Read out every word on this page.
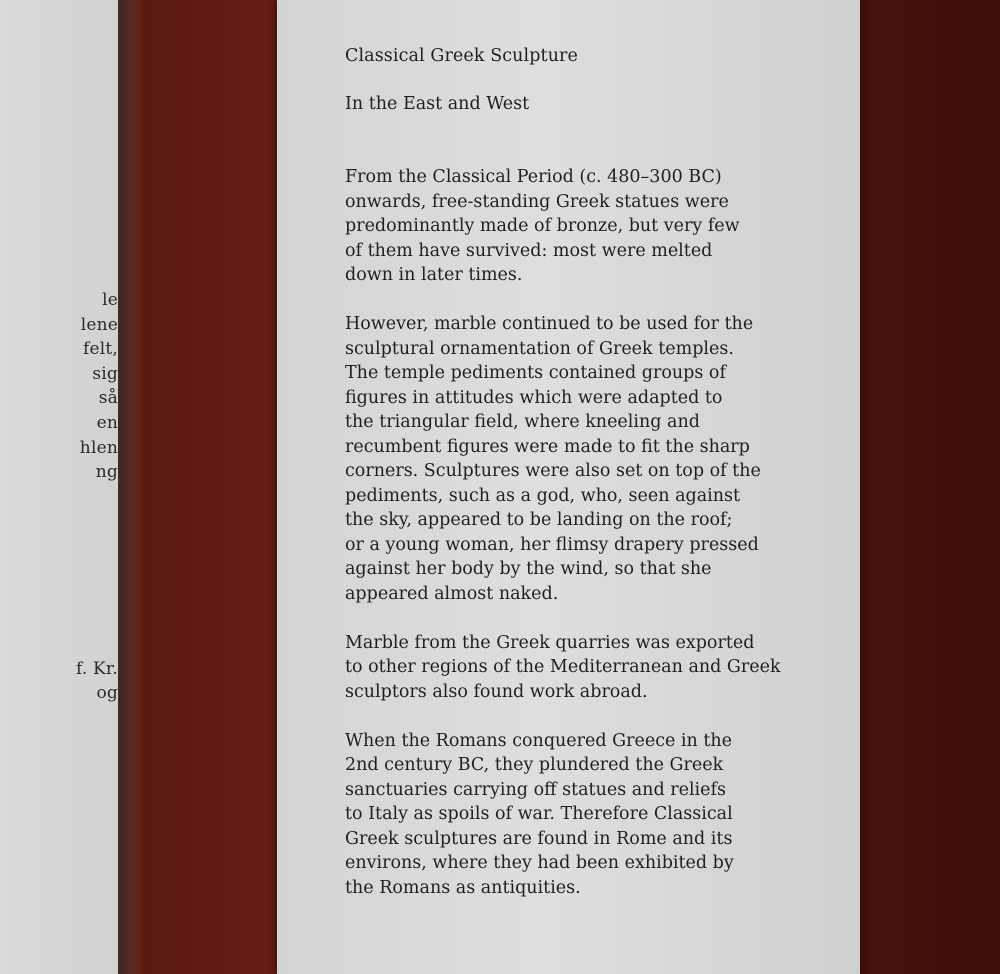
le
lene
felt,
sig
så
en
hlen
ng
f. Kr.
og
Classical Greek Sculpture
In the East and West

From the Classical Period (c. 480–300 BC)
onwards, free-standing Greek statues were
predominantly made of bronze, but very few
of them have survived: most were melted
down in later times.

However, marble continued to be used for the
sculptural ornamentation of Greek temples.
The temple pediments contained groups of
figures in attitudes which were adapted to
the triangular field, where kneeling and
recumbent figures were made to fit the sharp
corners. Sculptures were also set on top of the
pediments, such as a god, who, seen against
the sky, appeared to be landing on the roof;
or a young woman, her flimsy drapery pressed
against her body by the wind, so that she
appeared almost naked.

Marble from the Greek quarries was exported
to other regions of the Mediterranean and Greek
sculptors also found work abroad.

When the Romans conquered Greece in the
2nd century BC, they plundered the Greek
sanctuaries carrying off statues and reliefs
to Italy as spoils of war. Therefore Classical
Greek sculptures are found in Rome and its
environs, where they had been exhibited by
the Romans as antiquities.
